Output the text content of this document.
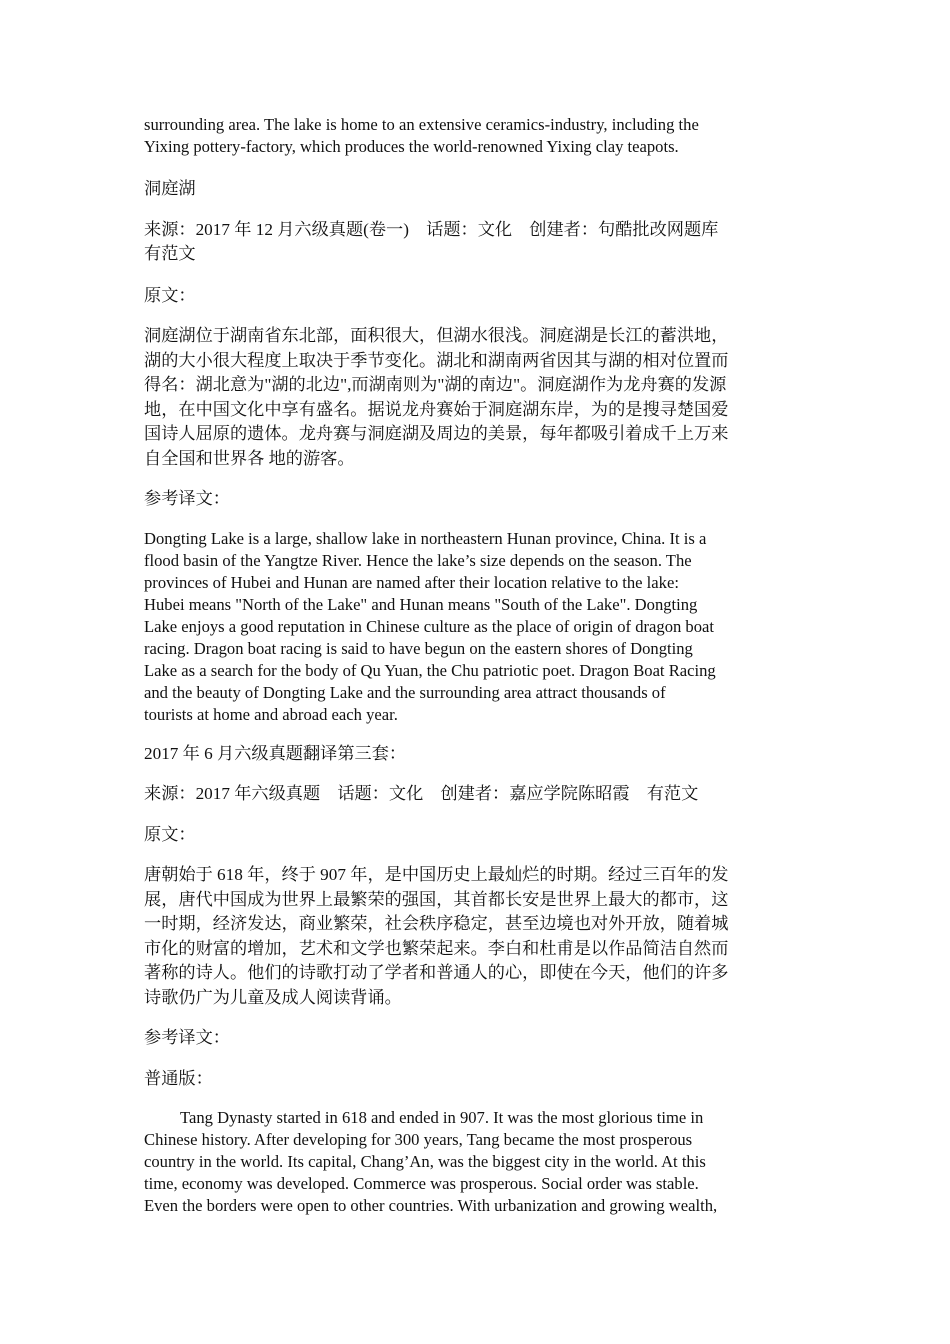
surrounding area. The lake is home to an extensive ceramics-industry, including the
Yixing pottery-factory, which produces the world-renowned Yixing clay teapots.

洞庭湖

来源：2017 年 12 月六级真题(卷一)    话题：文化    创建者：句酷批改网题库
有范文

原文：

洞庭湖位于湖南省东北部，面积很大，但湖水很浅。洞庭湖是长江的蓄洪地，
湖的大小很大程度上取决于季节变化。湖北和湖南两省因其与湖的相对位置而
得名：湖北意为"湖的北边",而湖南则为"湖的南边"。洞庭湖作为龙舟赛的发源
地，在中国文化中享有盛名。据说龙舟赛始于洞庭湖东岸，为的是搜寻楚国爱
国诗人屈原的遗体。龙舟赛与洞庭湖及周边的美景，每年都吸引着成千上万来
自全国和世界各 地的游客。

参考译文：

Dongting Lake is a large, shallow lake in northeastern Hunan province, China. It is a
flood basin of the Yangtze River. Hence the lake’s size depends on the season. The
provinces of Hubei and Hunan are named after their location relative to the lake:
Hubei means "North of the Lake" and Hunan means "South of the Lake". Dongting
Lake enjoys a good reputation in Chinese culture as the place of origin of dragon boat
racing. Dragon boat racing is said to have begun on the eastern shores of Dongting
Lake as a search for the body of Qu Yuan, the Chu patriotic poet. Dragon Boat Racing
and the beauty of Dongting Lake and the surrounding area attract thousands of
tourists at home and abroad each year.

2017 年 6 月六级真题翻译第三套：

来源：2017 年六级真题    话题：文化    创建者：嘉应学院陈昭霞    有范文

原文：

唐朝始于 618 年，终于 907 年，是中国历史上最灿烂的时期。经过三百年的发
展，唐代中国成为世界上最繁荣的强国，其首都长安是世界上最大的都市，这
一时期，经济发达，商业繁荣，社会秩序稳定，甚至边境也对外开放，随着城
市化的财富的增加，艺术和文学也繁荣起来。李白和杜甫是以作品简洁自然而
著称的诗人。他们的诗歌打动了学者和普通人的心，即使在今天，他们的许多
诗歌仍广为儿童及成人阅读背诵。

参考译文：

普通版：

Tang Dynasty started in 618 and ended in 907. It was the most glorious time in
Chinese history. After developing for 300 years, Tang became the most prosperous
country in the world. Its capital, Chang’An, was the biggest city in the world. At this
time, economy was developed. Commerce was prosperous. Social order was stable.
Even the borders were open to other countries. With urbanization and growing wealth,
